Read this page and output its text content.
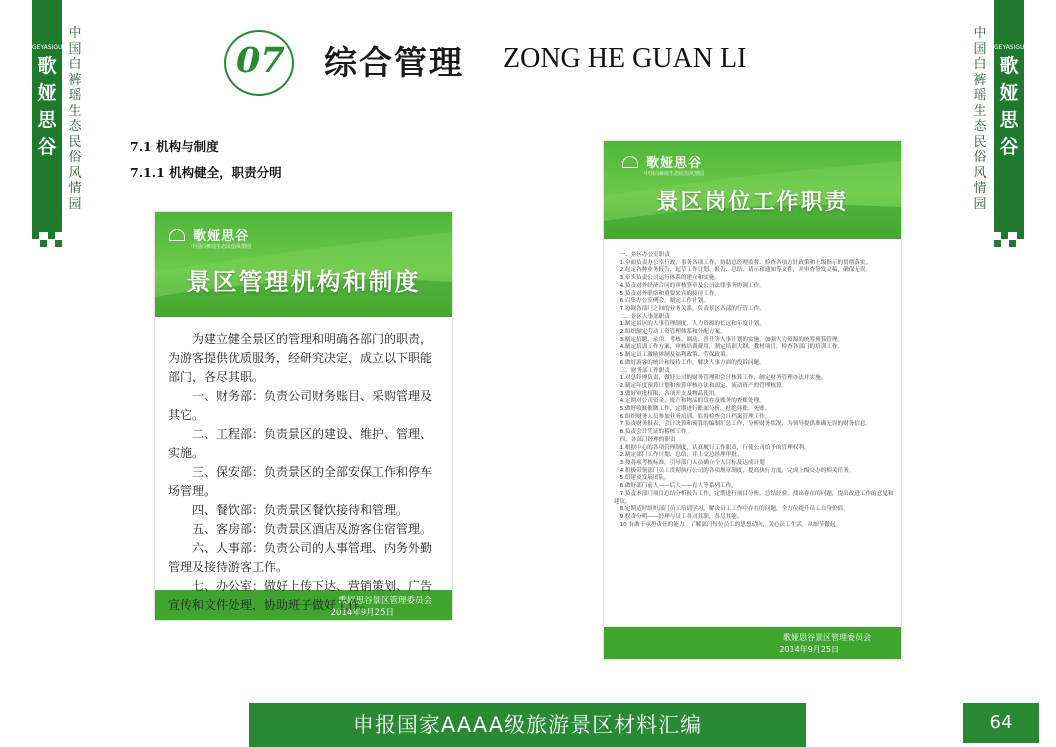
GEYASIGU
歌
娅
思
谷
中
国
白
裤
瑶
生
态
民
俗
风
情
园
中
国
白
裤
瑶
生
态
民
俗
风
情
园
GEYASIGU
歌
娅
思
谷
07 综合管理 ZONG HE GUAN LI
7.1 机构与制度
7.1.1 机构健全，职责分明
歌娅思谷
中国白裤瑶生态民俗风情园
景区管理机构和制度
歌娅思谷景区管理委员会
2014年9月25日
为建立健全景区的管理和明确各部门的职责，为游客提供优质服务，经研究决定，成立以下职能部门，各尽其职。
一、财务部：负责公司财务账目、采购管理及其它。
二、工程部：负责景区的建设、维护、管理、实施。
三、保安部：负责景区的全部安保工作和停车场管理。
四、餐饮部：负责景区餐饮接待和管理。
五、客房部：负责景区酒店及游客住宿管理。
六、人事部：负责公司的人事管理、内务外勤管理及接待游客工作。
七、办公室：做好上传下达、营销策划、广告宣传和文件处理，协助班子做好工作。
歌娅思谷
中国白裤瑶生态民俗风情园
景区岗位工作职责
歌娅思谷景区管理委员会
2014年9月25日
一、景区办公室职责
1.全面负责办公室行政、事务各项工作，协助总经理监督、检查各项方针政策和上级指示的贯彻落实。
2.起定各种业务报告，起草工作计划、报告、总结、请示和通知等文件，并审查签发文稿，确保无误。
3.牵头负责公司运行体系的建立和实施。
4.负责对外经济合同的审核签章及公司法律事务协调工作。
5.负责对外联络和重要来宾的接待工作。
6.召集办公室例会，制定工作计划。
7.协调各部门之间的业务关系，负责景区各部的行管工作。
二、景区人事部职责
1.制定景区的人事管理制度、人力资源的长远和年度计划。
2.组织制定劳动工资管理体系和分配方案。
3.制定招聘、录用、考核、调动、晋升等人事计划的实施，加强人力资源的统筹预算管理。
4.制定培训工作方案，审核培训费用，制定培训大纲，教材项目，检查各部门的培训工作。
5.制定员工激励体制及福利政策、劳保政策。
6.做好游客的统计和接待工作，解决人事方面的投诉问题。
三、财务部工作职责
1.对总经理负责，做好公司的财务管理和会计核算工作，制定财务管理办法并实施。
2.制定年度预算计划和预算审核办法和固定、流动资产的管理核算。
3.做好审批权限，各项开支及物品使用。
4.定期对公司资金、资产和物品的盘存及账务的查账处理。
5.做好收账催缴工作，定期进行账面分析，杜绝坏账、死账。
6.组织财务人员参加业务培训，监督检查会计档案管理工作。
7.负责财务报表，会计决算和预算的编制汇总工作，分析财务状况，为领导提供准确无误的财务信息。
8.负责会计凭证的稽核工作。
四、各部门经理的职责
1.根据中心的各项管理制度，认真履行工作职责，行使公司给予的管理权利。
2.制定部门工作计划、总结，并上交总经理审批。
3.按各项考核标准，引导部门人员确立个人目标及达成计划
4.积极带领部门员工贯彻执行公司的各项规章制度，提高执行力度，完成上级交办的相关任务。
5.组建及发展团队。
6.做好部门前人——后人——育人等系列工作。
7.负责本部门项目总结分析报告工作，定期进行项目分析、总结经验，找出存在的问题，提出改进工作的意见和建议。
8.定期适时组织部门员工培训学习，解决员工工作中存在的问题，全方位提升员工自身价值。
9.权责分明——经理与员工各司其职，各尽其能。
10 有敢于承担责任的能力。了解部门每位员工的思想动向，关心员工生活，从细节做起。
申报国家AAAA级旅游景区材料汇编	64
